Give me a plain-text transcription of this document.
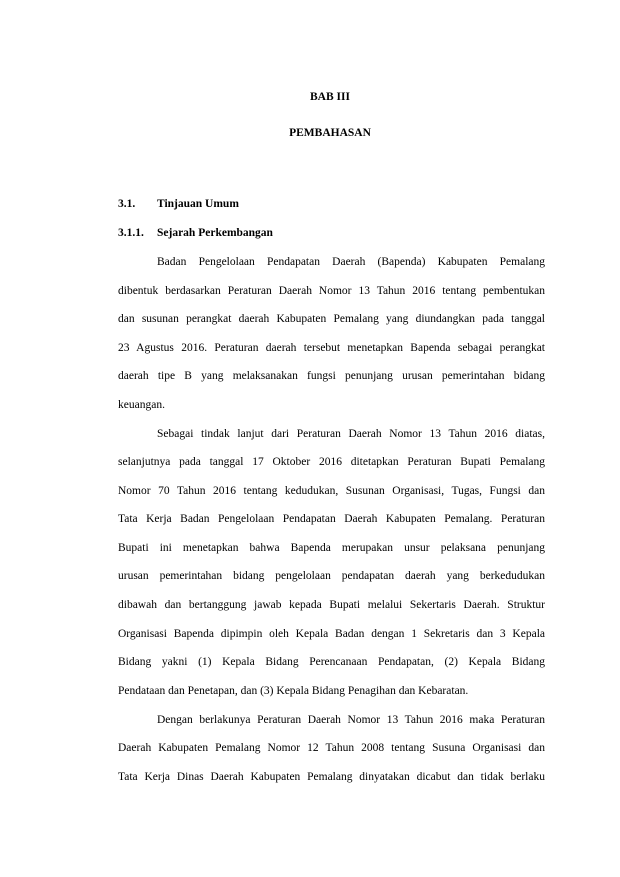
BAB III
PEMBAHASAN
3.1. Tinjauan Umum
3.1.1. Sejarah Perkembangan
Badan Pengelolaan Pendapatan Daerah (Bapenda) Kabupaten Pemalang
dibentuk berdasarkan Peraturan Daerah Nomor 13 Tahun 2016 tentang pembentukan
dan susunan perangkat daerah Kabupaten Pemalang yang diundangkan pada tanggal
23 Agustus 2016. Peraturan daerah tersebut menetapkan Bapenda sebagai perangkat
daerah tipe B yang melaksanakan fungsi penunjang urusan pemerintahan bidang
keuangan.
Sebagai tindak lanjut dari Peraturan Daerah Nomor 13 Tahun 2016 diatas,
selanjutnya pada tanggal 17 Oktober 2016 ditetapkan Peraturan Bupati Pemalang
Nomor 70 Tahun 2016 tentang kedudukan, Susunan Organisasi, Tugas, Fungsi dan
Tata Kerja Badan Pengelolaan Pendapatan Daerah Kabupaten Pemalang. Peraturan
Bupati ini menetapkan bahwa Bapenda merupakan unsur pelaksana penunjang
urusan pemerintahan bidang pengelolaan pendapatan daerah yang berkedudukan
dibawah dan bertanggung jawab kepada Bupati melalui Sekertaris Daerah. Struktur
Organisasi Bapenda dipimpin oleh Kepala Badan dengan 1 Sekretaris dan 3 Kepala
Bidang yakni (1) Kepala Bidang Perencanaan Pendapatan, (2) Kepala Bidang
Pendataan dan Penetapan, dan (3) Kepala Bidang Penagihan dan Kebaratan.
Dengan berlakunya Peraturan Daerah Nomor 13 Tahun 2016 maka Peraturan
Daerah Kabupaten Pemalang Nomor 12 Tahun 2008 tentang Susuna Organisasi dan
Tata Kerja Dinas Daerah Kabupaten Pemalang dinyatakan dicabut dan tidak berlaku
